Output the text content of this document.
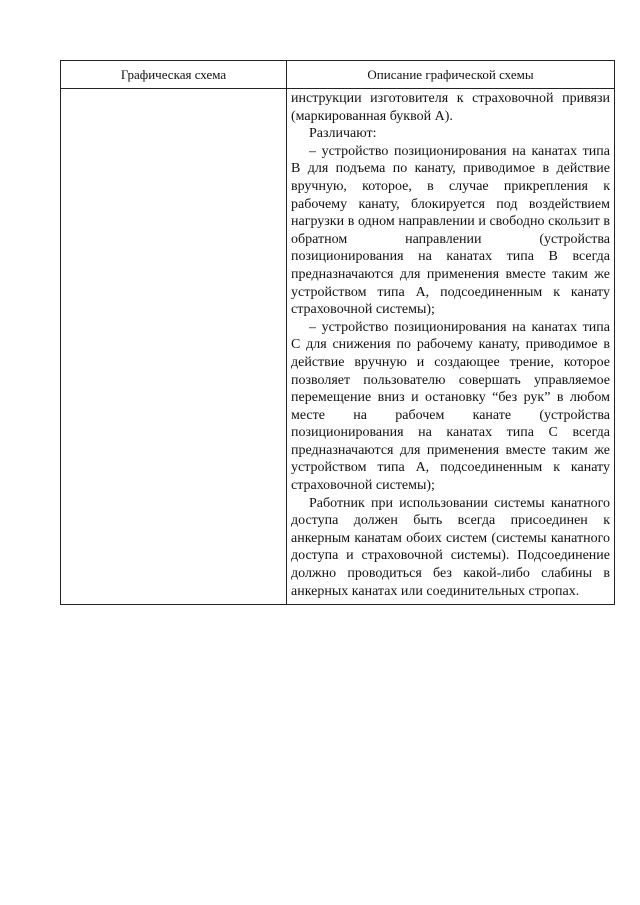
Графическая схема	Описание графической схемы

	инструкции изготовителя к страховочной привязи (маркированная буквой А).

Различают:

– устройство позиционирования на канатах типа В для подъема по канату, приводимое в действие вручную, которое, в случае прикрепления к рабочему канату, блокируется под воздействием нагрузки в одном направлении и свободно скользит в обратном направлении (устройства позиционирования на канатах типа В всегда предназначаются для применения вместе таким же устройством типа А, подсоединенным к канату страховочной системы);

– устройство позиционирования на канатах типа С для снижения по рабочему канату, приводимое в действие вручную и создающее трение, которое позволяет пользователю совершать управляемое перемещение вниз и остановку “без рук” в любом месте на рабочем канате (устройства позиционирования на канатах типа С всегда предназначаются для применения вместе таким же устройством типа А, подсоединенным к канату страховочной системы);

Работник при использовании системы канатного доступа должен быть всегда присоединен к анкерным канатам обоих систем (системы канатного доступа и страховочной системы). Подсоединение должно проводиться без какой-либо слабины в анкерных канатах или соединительных стропах.
